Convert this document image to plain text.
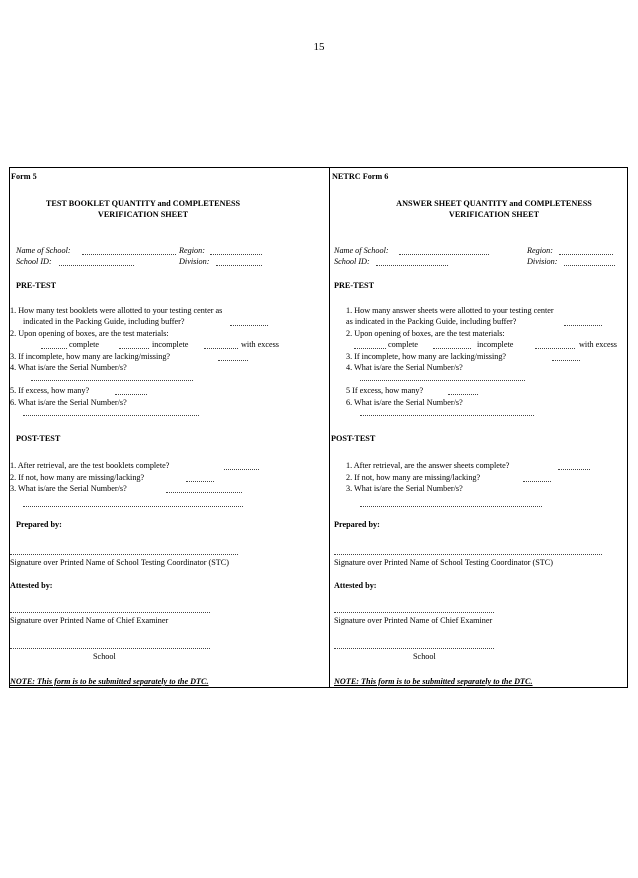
15
Form 5
TEST BOOKLET QUANTITY and COMPLETENESS
VERIFICATION SHEET
Name of School:	Region:
School ID:	Division:
PRE-TEST
1. How many test booklets were allotted to your testing center as
indicated in the Packing Guide, including buffer?
2. Upon opening of boxes, are the test materials:
complete	incomplete	with excess
3. If incomplete, how many are lacking/missing?
4. What is/are the Serial Number/s?
5. If excess, how many?
6. What is/are the Serial Number/s?
POST-TEST
1. After retrieval, are the test booklets complete?
2. If not, how many are missing/lacking?
3. What is/are the Serial Number/s?
Prepared by:
Signature over Printed Name of School Testing Coordinator (STC)
Attested by:
Signature over Printed Name of Chief Examiner
School
NOTE: This form is to be submitted separately to the DTC.
NETRC Form 6
ANSWER SHEET QUANTITY and COMPLETENESS
VERIFICATION SHEET
Name of School:	Region:
School ID:	Division:
PRE-TEST
1. How many answer sheets were allotted to your testing center
as indicated in the Packing Guide, including buffer?
2. Upon opening of boxes, are the test materials:
complete	incomplete	with excess
3. If incomplete, how many are lacking/missing?
4. What is/are the Serial Number/s?
5 If excess, how many?
6. What is/are the Serial Number/s?
POST-TEST
1. After retrieval, are the answer sheets complete?
2. If not, how many are missing/lacking?
3. What is/are the Serial Number/s?
Prepared by:
Signature over Printed Name of School Testing Coordinator (STC)
Attested by:
Signature over Printed Name of Chief Examiner
School
NOTE: This form is to be submitted separately to the DTC.
